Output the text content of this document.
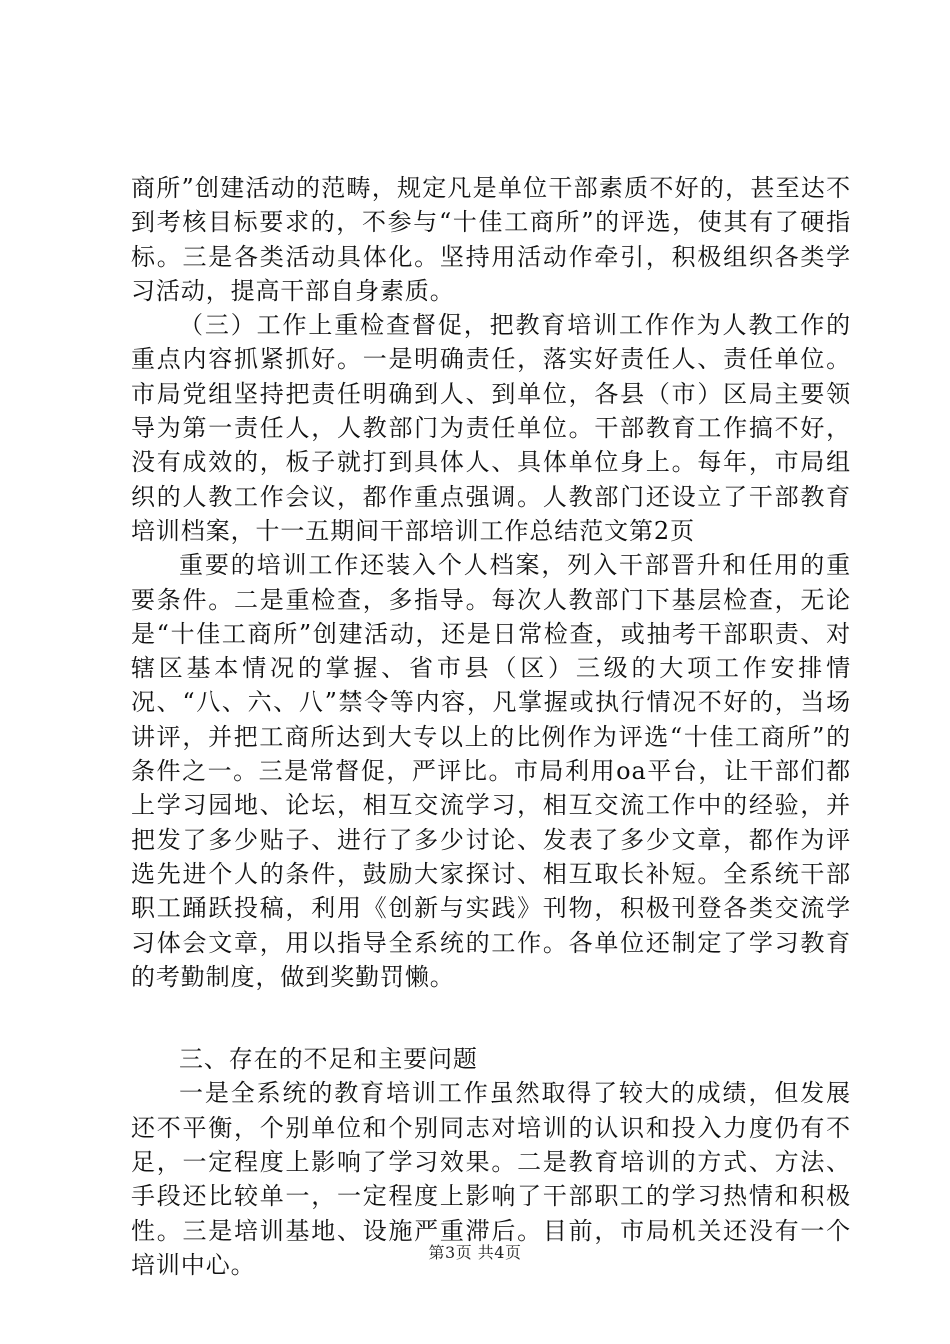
商所”创建活动的范畴，规定凡是单位干部素质不好的，甚至达不到考核目标要求的，不参与“十佳工商所”的评选，使其有了硬指标。三是各类活动具体化。坚持用活动作牵引，积极组织各类学习活动，提高干部自身素质。

（三）工作上重检查督促，把教育培训工作作为人教工作的重点内容抓紧抓好。一是明确责任，落实好责任人、责任单位。市局党组坚持把责任明确到人、到单位，各县（市）区局主要领导为第一责任人，人教部门为责任单位。干部教育工作搞不好，没有成效的，板子就打到具体人、具体单位身上。每年，市局组织的人教工作会议，都作重点强调。人教部门还设立了干部教育培训档案，十一五期间干部培训工作总结范文第2页

重要的培训工作还装入个人档案，列入干部晋升和任用的重要条件。二是重检查，多指导。每次人教部门下基层检查，无论是“十佳工商所”创建活动，还是日常检查，或抽考干部职责、对辖区基本情况的掌握、省市县（区）三级的大项工作安排情况、“八、六、八”禁令等内容，凡掌握或执行情况不好的，当场讲评，并把工商所达到大专以上的比例作为评选“十佳工商所”的条件之一。三是常督促，严评比。市局利用oa平台，让干部们都上学习园地、论坛，相互交流学习，相互交流工作中的经验，并把发了多少贴子、进行了多少讨论、发表了多少文章，都作为评选先进个人的条件，鼓励大家探讨、相互取长补短。全系统干部职工踊跃投稿，利用《创新与实践》刊物，积极刊登各类交流学习体会文章，用以指导全系统的工作。各单位还制定了学习教育的考勤制度，做到奖勤罚懒。

三、存在的不足和主要问题

一是全系统的教育培训工作虽然取得了较大的成绩，但发展还不平衡，个别单位和个别同志对培训的认识和投入力度仍有不足，一定程度上影响了学习效果。二是教育培训的方式、方法、手段还比较单一，一定程度上影响了干部职工的学习热情和积极性。三是培训基地、设施严重滞后。目前，市局机关还没有一个培训中心。	第3页 共4页
